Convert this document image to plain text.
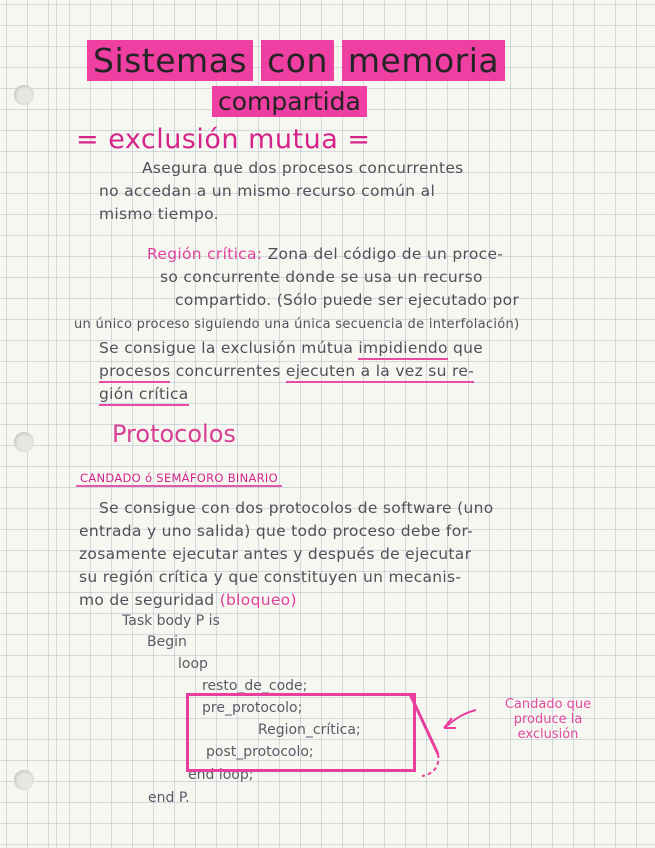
Sistemas con memoria
compartida
= exclusión mutua =
Asegura que dos procesos concurrentes
no accedan a un mismo recurso común al
mismo tiempo.
Región crítica: Zona del código de un proce-
so concurrente donde se usa un recurso
compartido. (Sólo puede ser ejecutado por
un único proceso siguiendo una única secuencia de interfolación)
Se consigue la exclusión mútua impidiendo que
procesos concurrentes ejecuten a la vez su re-
gión crítica
Protocolos
CANDADO ó SEMÁFORO BINARIO
Se consigue con dos protocolos de software (uno
entrada y uno salida) que todo proceso debe for-
zosamente ejecutar antes y después de ejecutar
su región crítica y que constituyen un mecanis-
mo de seguridad (bloqueo)
Task body P is
Begin
loop
resto_de_code;
pre_protocolo;
Region_crítica;
post_protocolo;
end loop;
end P.
Candado que
produce la
exclusión
